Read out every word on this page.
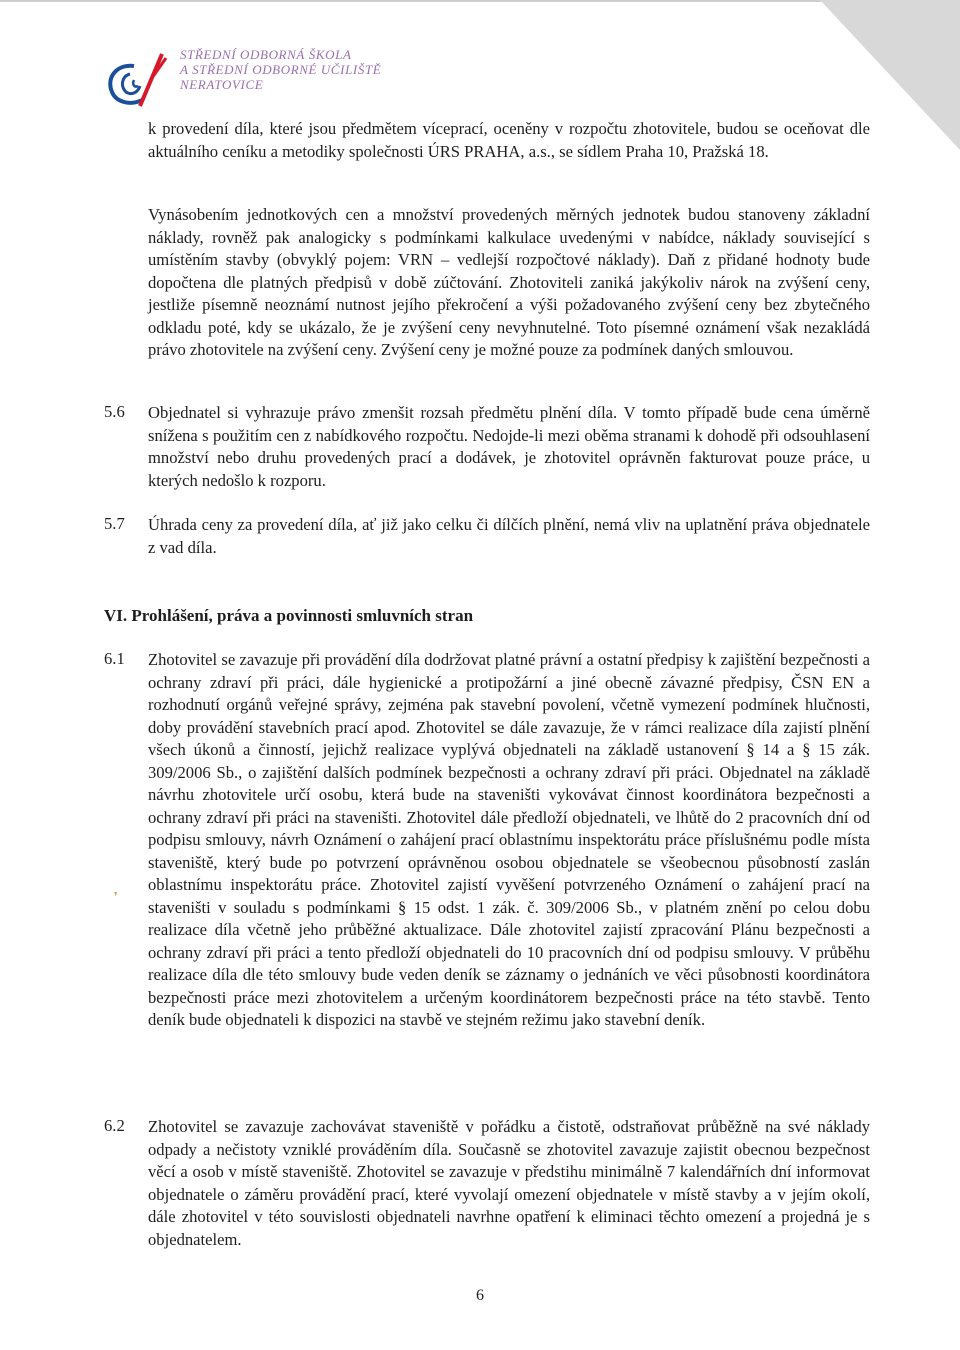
STŘEDNÍ ODBORNÁ ŠKOLA
A STŘEDNÍ ODBORNÉ UČILIŠTĚ
NERATOVICE

k provedení díla, které jsou předmětem víceprací, oceněny v rozpočtu zhotovitele, budou se oceňovat dle aktuálního ceníku a metodiky společnosti ÚRS PRAHA, a.s., se sídlem Praha 10, Pražská 18.

Vynásobením jednotkových cen a množství provedených měrných jednotek budou stanoveny základní náklady, rovněž pak analogicky s podmínkami kalkulace uvedenými v nabídce, náklady související s umístěním stavby (obvyklý pojem: VRN – vedlejší rozpočtové náklady). Daň z přidané hodnoty bude dopočtena dle platných předpisů v době zúčtování. Zhotoviteli zaniká jakýkoliv nárok na zvýšení ceny, jestliže písemně neoznámí nutnost jejího překročení a výši požadovaného zvýšení ceny bez zbytečného odkladu poté, kdy se ukázalo, že je zvýšení ceny nevyhnutelné. Toto písemné oznámení však nezakládá právo zhotovitele na zvýšení ceny. Zvýšení ceny je možné pouze za podmínek daných smlouvou.

5.6 Objednatel si vyhrazuje právo zmenšit rozsah předmětu plnění díla. V tomto případě bude cena úměrně snížena s použitím cen z nabídkového rozpočtu. Nedojde-li mezi oběma stranami k dohodě při odsouhlasení množství nebo druhu provedených prací a dodávek, je zhotovitel oprávněn fakturovat pouze práce, u kterých nedošlo k rozporu.

5.7 Úhrada ceny za provedení díla, ať již jako celku či dílčích plnění, nemá vliv na uplatnění práva objednatele z vad díla.

VI. Prohlášení, práva a povinnosti smluvních stran
6.1 Zhotovitel se zavazuje při provádění díla dodržovat platné právní a ostatní předpisy k zajištění bezpečnosti a ochrany zdraví při práci, dále hygienické a protipožární a jiné obecně závazné předpisy, ČSN EN a rozhodnutí orgánů veřejné správy, zejména pak stavební povolení, včetně vymezení podmínek hlučnosti, doby provádění stavebních prací apod. Zhotovitel se dále zavazuje, že v rámci realizace díla zajistí plnění všech úkonů a činností, jejichž realizace vyplývá objednateli na základě ustanovení § 14 a § 15 zák. 309/2006 Sb., o zajištění dalších podmínek bezpečnosti a ochrany zdraví při práci. Objednatel na základě návrhu zhotovitele určí osobu, která bude na staveništi vykovávat činnost koordinátora bezpečnosti a ochrany zdraví při práci na staveništi. Zhotovitel dále předloží objednateli, ve lhůtě do 2 pracovních dní od podpisu smlouvy, návrh Oznámení o zahájení prací oblastnímu inspektorátu práce příslušnému podle místa staveniště, který bude po potvrzení oprávněnou osobou objednatele se všeobecnou působností zaslán oblastnímu inspektorátu práce. Zhotovitel zajistí vyvěšení potvrzeného Oznámení o zahájení prací na staveništi v souladu s podmínkami § 15 odst. 1 zák. č. 309/2006 Sb., v platném znění po celou dobu realizace díla včetně jeho průběžné aktualizace. Dále zhotovitel zajistí zpracování Plánu bezpečnosti a ochrany zdraví při práci a tento předloží objednateli do 10 pracovních dní od podpisu smlouvy. V průběhu realizace díla dle této smlouvy bude veden deník se záznamy o jednáních ve věci působnosti koordinátora bezpečnosti práce mezi zhotovitelem a určeným koordinátorem bezpečnosti práce na této stavbě. Tento deník bude objednateli k dispozici na stavbě ve stejném režimu jako stavební deník.

6.2 Zhotovitel se zavazuje zachovávat staveniště v pořádku a čistotě, odstraňovat průběžně na své náklady odpady a nečistoty vzniklé prováděním díla. Současně se zhotovitel zavazuje zajistit obecnou bezpečnost věcí a osob v místě staveniště. Zhotovitel se zavazuje v předstihu minimálně 7 kalendářních dní informovat objednatele o záměru provádění prací, které vyvolají omezení objednatele v místě stavby a v jejím okolí, dále zhotovitel v této souvislosti objednateli navrhne opatření k eliminaci těchto omezení a projedná je s objednatelem.

❜
6
